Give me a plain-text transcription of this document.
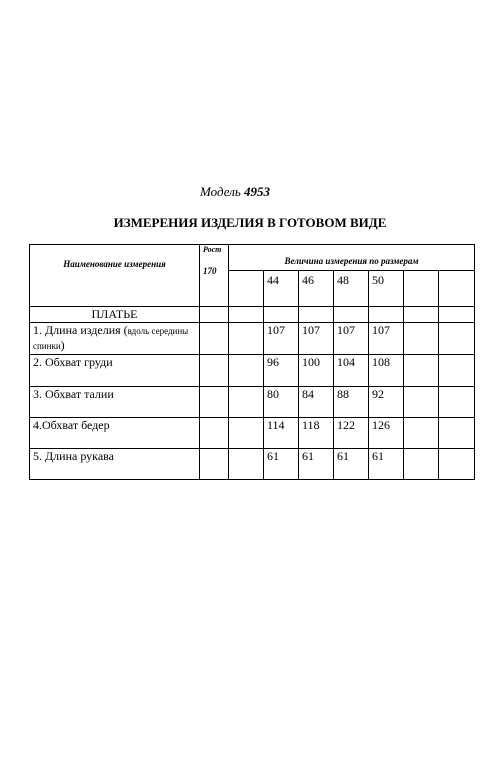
Модель 4953
ИЗМЕРЕНИЯ ИЗДЕЛИЯ В ГОТОВОМ ВИДЕ
Наименование измерения	Рост
170	Величина измерения по размерам						
			44	46	48	50		
ПЛАТЬЕ								
1. Длина изделия (вдоль середины спинки)			107	107	107	107		
2. Обхват груди			96	100	104	108		
3. Обхват талии			80	84	88	92		
4.Обхват бедер			114	118	122	126		
5. Длина рукава			61	61	61	61		
